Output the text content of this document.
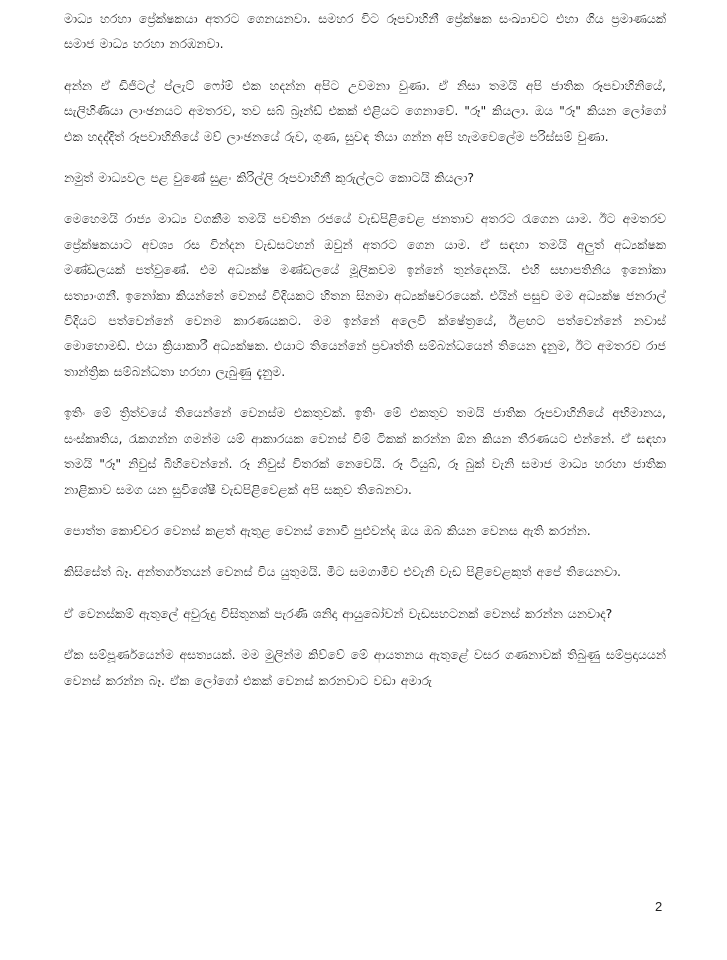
මාධ්‍ය හරහා ප්‍රේක්ෂකයා අතරට ගෙනයනවා. සමහර විට රූපවාහිනී ප්‍රේක්ෂක සංඛ්‍යාවට එහා ගිය ප්‍රමාණයක් සමාජ මාධ්‍ය හරහා නරඹනවා.

අන්න ඒ ඩිජිටල් ප්ලැට් ෆෝම් එක හදන්න අපිට උවමනා වුණා. ඒ නිසා තමයි අපි ජාතික රූපවාහිනියේ, සැලිහිණියා ලාංඡනයට අමතරව, තව සබ් බ්‍රෑන්ඩ් එකක් එළියට ගෙනාවේ. "රූ" කියලා. ඔය "රූ" කියන ලෝගෝ එක හදද්දිත් රූපවාහිනියේ මව් ලාංඡනයේ රුව, ගුණ, සුවඳ තියා ගන්න අපි හැමවෙලේම පරිස්සම් වුණා.

නමුත් මාධ්‍යවල පළ වුණේ සුළං කිරිල්ලි රූපවාහිනී කුරුල්ලට කොටයි කියලා?

මෙහෙමයි රාජ්‍ය මාධ්‍ය වගකීම තමයි පවතින රජයේ වැඩපිළිවෙළ ජනතාව අතරට රැගෙන යාම. ඊට අමතරව ප්‍රේක්ෂකයාට අවශ්‍ය රස වින්දන වැඩසටහන් ඔවුන් අතරට ගෙන යාම. ඒ සඳහා තමයි අලුත් අධ්‍යක්ෂක මණ්ඩලයක් පත්වුණේ. එම අධ්‍යක්ෂ මණ්ඩලයේ මූලිකවම ඉන්නේ තුන්දෙනයි. එහි සභාපතිනිය ඉනෝකා සත්‍යාංගනී. ඉනෝකා කියන්නේ වෙනස් විදියකට හිතන සිනමා අධ්‍යක්ෂවරයෙක්. එයින් පසුව මම අධ්‍යක්ෂ ජනරාල් විදියට පත්වෙන්නේ වෙනම කාරණයකට. මම ඉන්නේ අලෙවි ක්ෂේත්‍රයේ, ඊළඟට පත්වෙන්නේ නවාස් මොහොමඩ්. එයා ක්‍රියාකාරී අධ්‍යක්ෂක. එයාට තියෙන්නේ ප්‍රවෘත්ති සම්බන්ධයෙන් තියෙන දැනුම, ඊට අමතරව රාජ තාන්ත්‍රික සම්බන්ධතා හරහා ලැබුණු දැනුම.

ඉතිං මේ ත්‍රිත්වයේ තියෙන්නේ වෙනස්ම එකතුවක්. ඉතිං මේ එකතුව තමයි ජාතික රූපවාහිනියේ අභිමානය, සංස්කෘතිය, රැකගන්න ගමන්ම යම් ආකාරයක වෙනස් වීම් ටිකක් කරන්න ඕන කියන තීරණයට එන්නේ. ඒ සඳහා තමයි "රූ" නිවුස් බිහිවෙන්නේ. රූ නිවුස් විතරක් නෙවෙයි. රූ ටියුබ්, රූ බුක් වැනි සමාජ මාධ්‍ය හරහා ජාතික නාළිකාව සමග යන සුවිශේෂී වැඩපිළිවෙළක් අපි සකුව තිබෙනවා.

පොත්ත කොච්චර වෙනස් කළත් ඇතුළ වෙනස් නොවී පුළුවන්ද ඔය ඔබ කියන වෙනස ඇති කරන්න.

කිසිසේත් බෑ. අන්තර්ගතයන් වෙනස් විය යුතුමයි. මීට සමගාමීව එවැනි වැඩ පිළිවෙළකුත් අපේ තියෙනවා.

ඒ වෙනස්කම් ඇතුලේ අවුරුදු විසිතුනක් පැරණි ශනිදා ආයුබෝවන් වැඩසහටනක් වෙනස් කරන්න යනවාද?

ඒක සම්පූර්ණයෙන්ම අසත්‍යයක්. මම මුලින්ම කිව්වේ මේ ආයතනය ඇතුළේ වසර ගණනාවක් තිබුණු සම්ප්‍රදායයන් වෙනස් කරන්න බෑ. ඒක ලෝගෝ එකක් වෙනස් කරනවාට වඩා අමාරු

2
